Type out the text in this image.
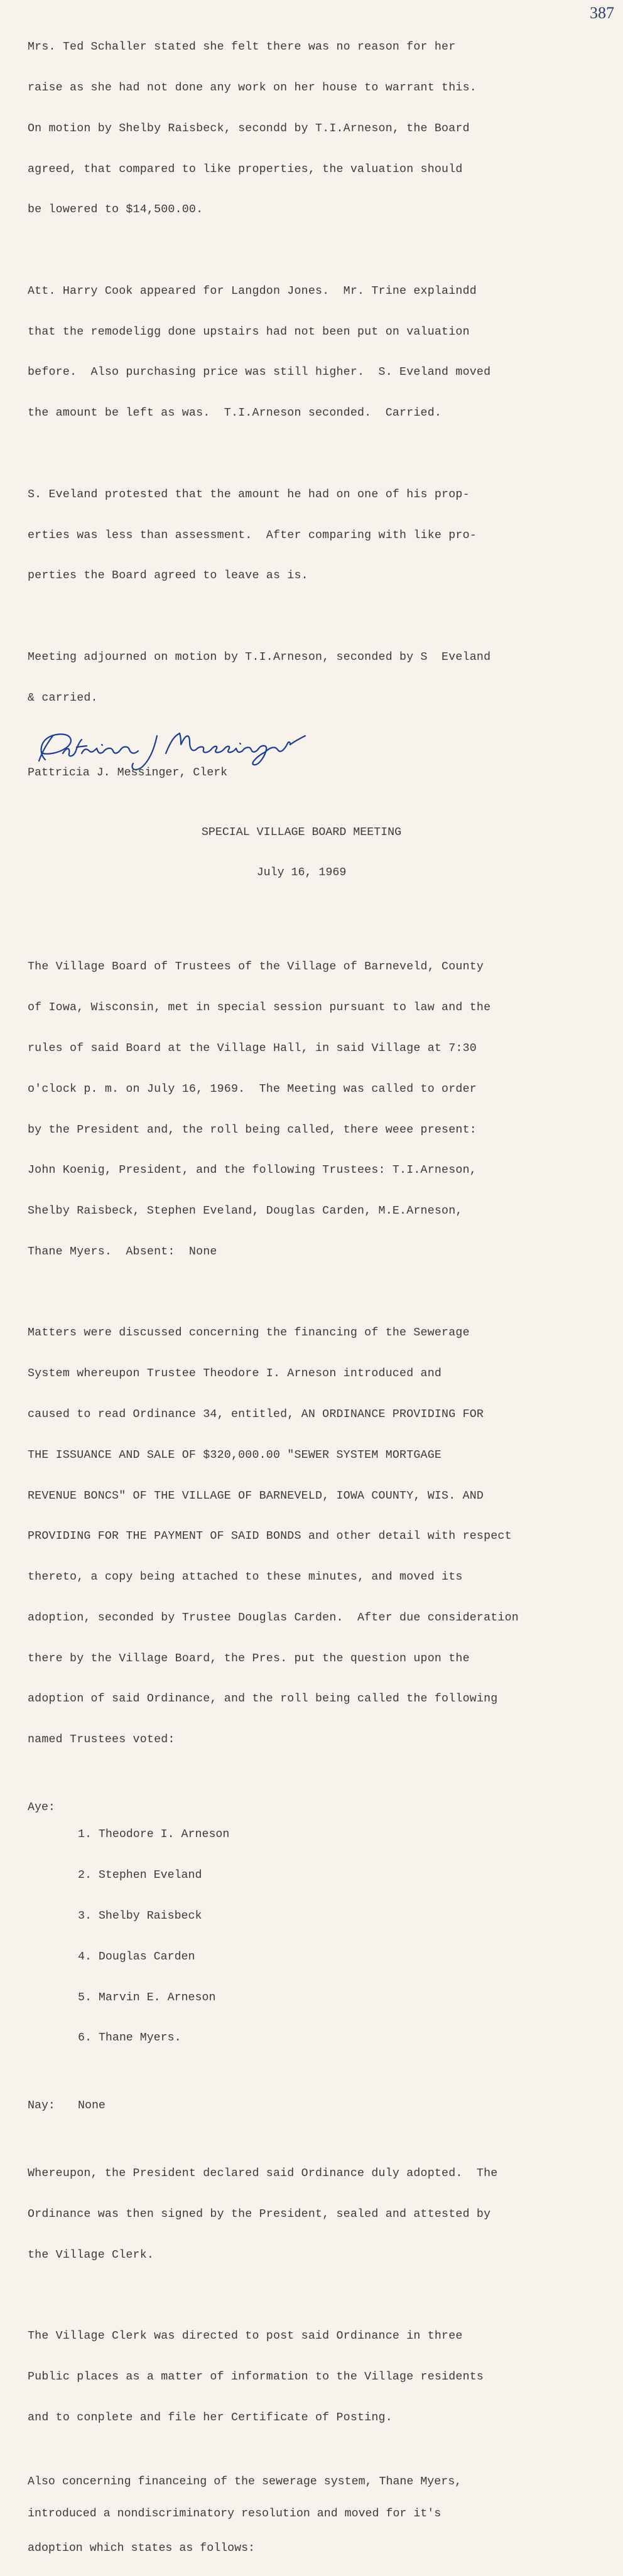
387

Mrs. Ted Schaller stated she felt there was no reason for her

raise as she had not done any work on her house to warrant this.

On motion by Shelby Raisbeck, secondd by T.I.Arneson, the Board

agreed, that compared to like properties, the valuation should

be lowered to $14,500.00.

Att. Harry Cook appeared for Langdon Jones.  Mr. Trine explaindd

that the remodeligg done upstairs had not been put on valuation

before.  Also purchasing price was still higher.  S. Eveland moved

the amount be left as was.  T.I.Arneson seconded.  Carried.

S. Eveland protested that the amount he had on one of his prop-

erties was less than assessment.  After comparing with like pro-

perties the Board agreed to leave as is.

Meeting adjourned on motion by T.I.Arneson, seconded by S  Eveland

& carried.

Pattricia J. Messinger, Clerk

SPECIAL VILLAGE BOARD MEETING

July 16, 1969

The Village Board of Trustees of the Village of Barneveld, County

of Iowa, Wisconsin, met in special session pursuant to law and the

rules of said Board at the Village Hall, in said Village at 7:30

o'clock p. m. on July 16, 1969.  The Meeting was called to order

by the President and, the roll being called, there weee present:

John Koenig, President, and the following Trustees: T.I.Arneson,

Shelby Raisbeck, Stephen Eveland, Douglas Carden, M.E.Arneson,

Thane Myers.  Absent:  None

Matters were discussed concerning the financing of the Sewerage

System whereupon Trustee Theodore I. Arneson introduced and

caused to read Ordinance 34, entitled, AN ORDINANCE PROVIDING FOR

THE ISSUANCE AND SALE OF $320,000.00 "SEWER SYSTEM MORTGAGE

REVENUE BONCS" OF THE VILLAGE OF BARNEVELD, IOWA COUNTY, WIS. AND

PROVIDING FOR THE PAYMENT OF SAID BONDS and other detail with respect

thereto, a copy being attached to these minutes, and moved its

adoption, seconded by Trustee Douglas Carden.  After due consideration

there by the Village Board, the Pres. put the question upon the

adoption of said Ordinance, and the roll being called the following

named Trustees voted:

Aye:

1. Theodore I. Arneson

2. Stephen Eveland

3. Shelby Raisbeck

4. Douglas Carden

5. Marvin E. Arneson

6. Thane Myers.

Nay:	None

Whereupon, the President declared said Ordinance duly adopted.  The

Ordinance was then signed by the President, sealed and attested by

the Village Clerk.

The Village Clerk was directed to post said Ordinance in three

Public places as a matter of information to the Village residents

and to conplete and file her Certificate of Posting.

Also concerning financeing of the sewerage system, Thane Myers,

introduced a nondiscriminatory resolution and moved for it's

adoption which states as follows:
